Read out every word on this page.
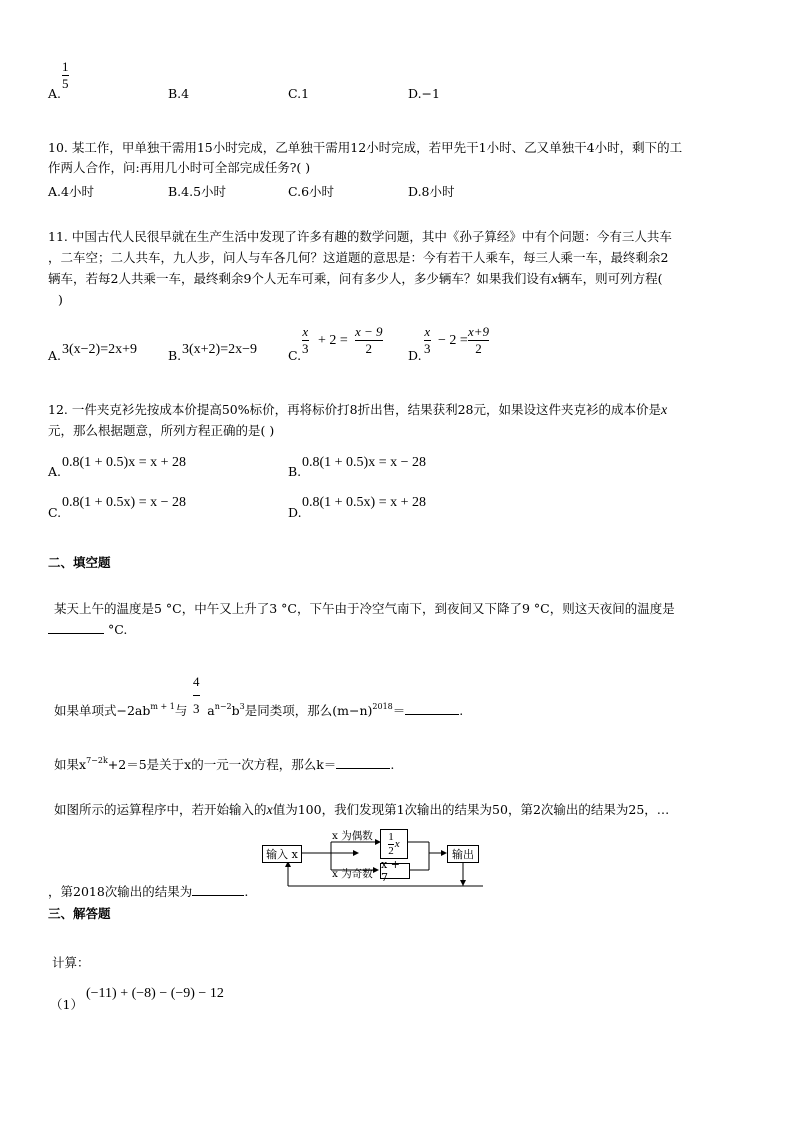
A.
1
5
B.4	C.1	D.−1
10. 某工作，甲单独干需用15小时完成，乙单独干需用12小时完成，若甲先干1小时、乙又单独干4小时，剩下的工
作两人合作，问:再用几小时可全部完成任务?( )
A.4小时	B.4.5小时	C.6小时	D.8小时
11. 中国古代人民很早就在生产生活中发现了许多有趣的数学问题，其中《孙子算经》中有个问题：今有三人共车
，二车空；二人共车，九人步，问人与车各几何？这道题的意思是：今有若干人乘车，每三人乘一车，最终剩余2
辆车，若每2人共乘一车，最终剩余9个人无车可乘，问有多少人，多少辆车？如果我们设有x辆车，则可列方程(
)
A. 3(x−2)=2x+9 B. 3(x+2)=2x−9 C.
x
3
+ 2 =
x − 9
2	D.
x
3
− 2 =
x+9
2
12. 一件夹克衫先按成本价提高50%标价，再将标价打8折出售，结果获利28元，如果设这件夹克衫的成本价是x
元，那么根据题意，所列方程正确的是( )
A.
0.8(1 + 0.5)x = x + 28
B.
0.8(1 + 0.5)x = x − 28
C.
0.8(1 + 0.5x) = x − 28
D.
0.8(1 + 0.5x) = x + 28
二、填空题
某天上午的温度是5 °C，中午又上升了3 °C，下午由于冷空气南下，到夜间又下降了9 °C，则这天夜间的温度是
°C.
4
3
如果单项式$-2ab^{m + 1}$与 $a^{n-2}b^3$是同类项，那么$(m-n)^{2018}=$	.
如果$x^{7-2k}+2=5$是关于x的一元一次方程，那么k＝	.
如图所示的运算程序中，若开始输入的x值为100，我们发现第1次输出的结果为50，第2次输出的结果为25，…
输入 x
x 为偶数
x 为奇数
$\frac{1}{2}$ x
x + 7
输出
，第2018次输出的结果为	.
三、解答题
计算：
（1）
(−11) + (−8) − (−9) − 12
